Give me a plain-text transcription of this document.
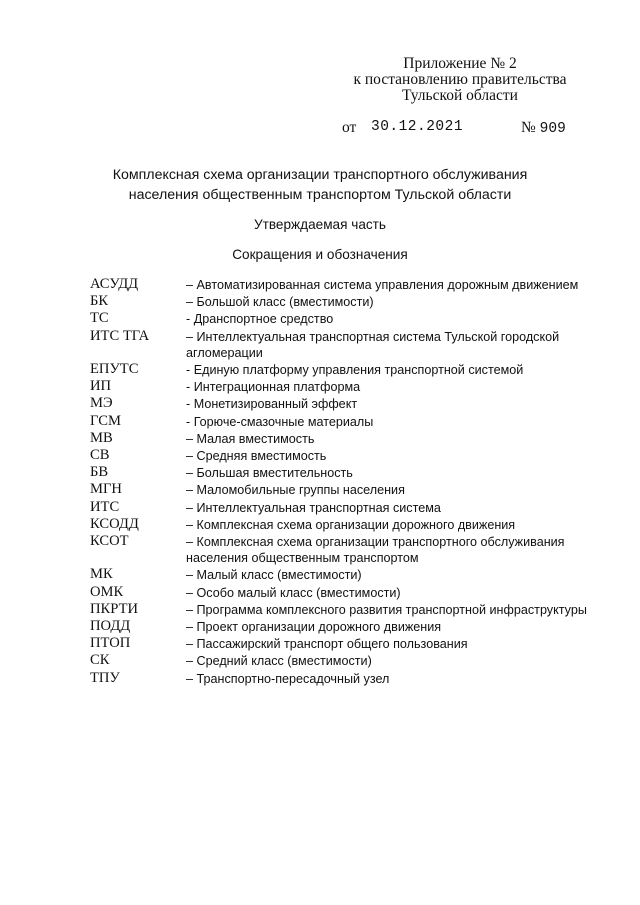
Приложение № 2
к постановлению правительства
Тульской области
от 30.12.2021	№ 909
Комплексная схема организации транспортного обслуживания
населения общественным транспортом Тульской области
Утверждаемая часть
Сокращения и обозначения
АСУДД	– Автоматизированная система управления дорожным движением
БК	– Большой класс (вместимости)
ТС	- Дранспортное средство
ИТС ТГА	– Интеллектуальная транспортная система Тульской городской агломерации
ЕПУТС	- Единую платформу управления транспортной системой
ИП	- Интеграционная платформа
МЭ	- Монетизированный эффект
ГСМ	- Горюче-смазочные материалы
МВ	– Малая вместимость
СВ	– Средняя вместимость
БВ	– Большая вместительность
МГН	– Маломобильные группы населения
ИТС	– Интеллектуальная транспортная система
КСОДД	– Комплексная схема организации дорожного движения
КСОТ	– Комплексная схема организации транспортного обслуживания населения общественным транспортом
МК	– Малый класс (вместимости)
ОМК	– Особо малый класс (вместимости)
ПКРТИ	– Программа комплексного развития транспортной инфраструктуры
ПОДД	– Проект организации дорожного движения
ПТОП	– Пассажирский транспорт общего пользования
СК	– Средний класс (вместимости)
ТПУ	– Транспортно-пересадочный узел
